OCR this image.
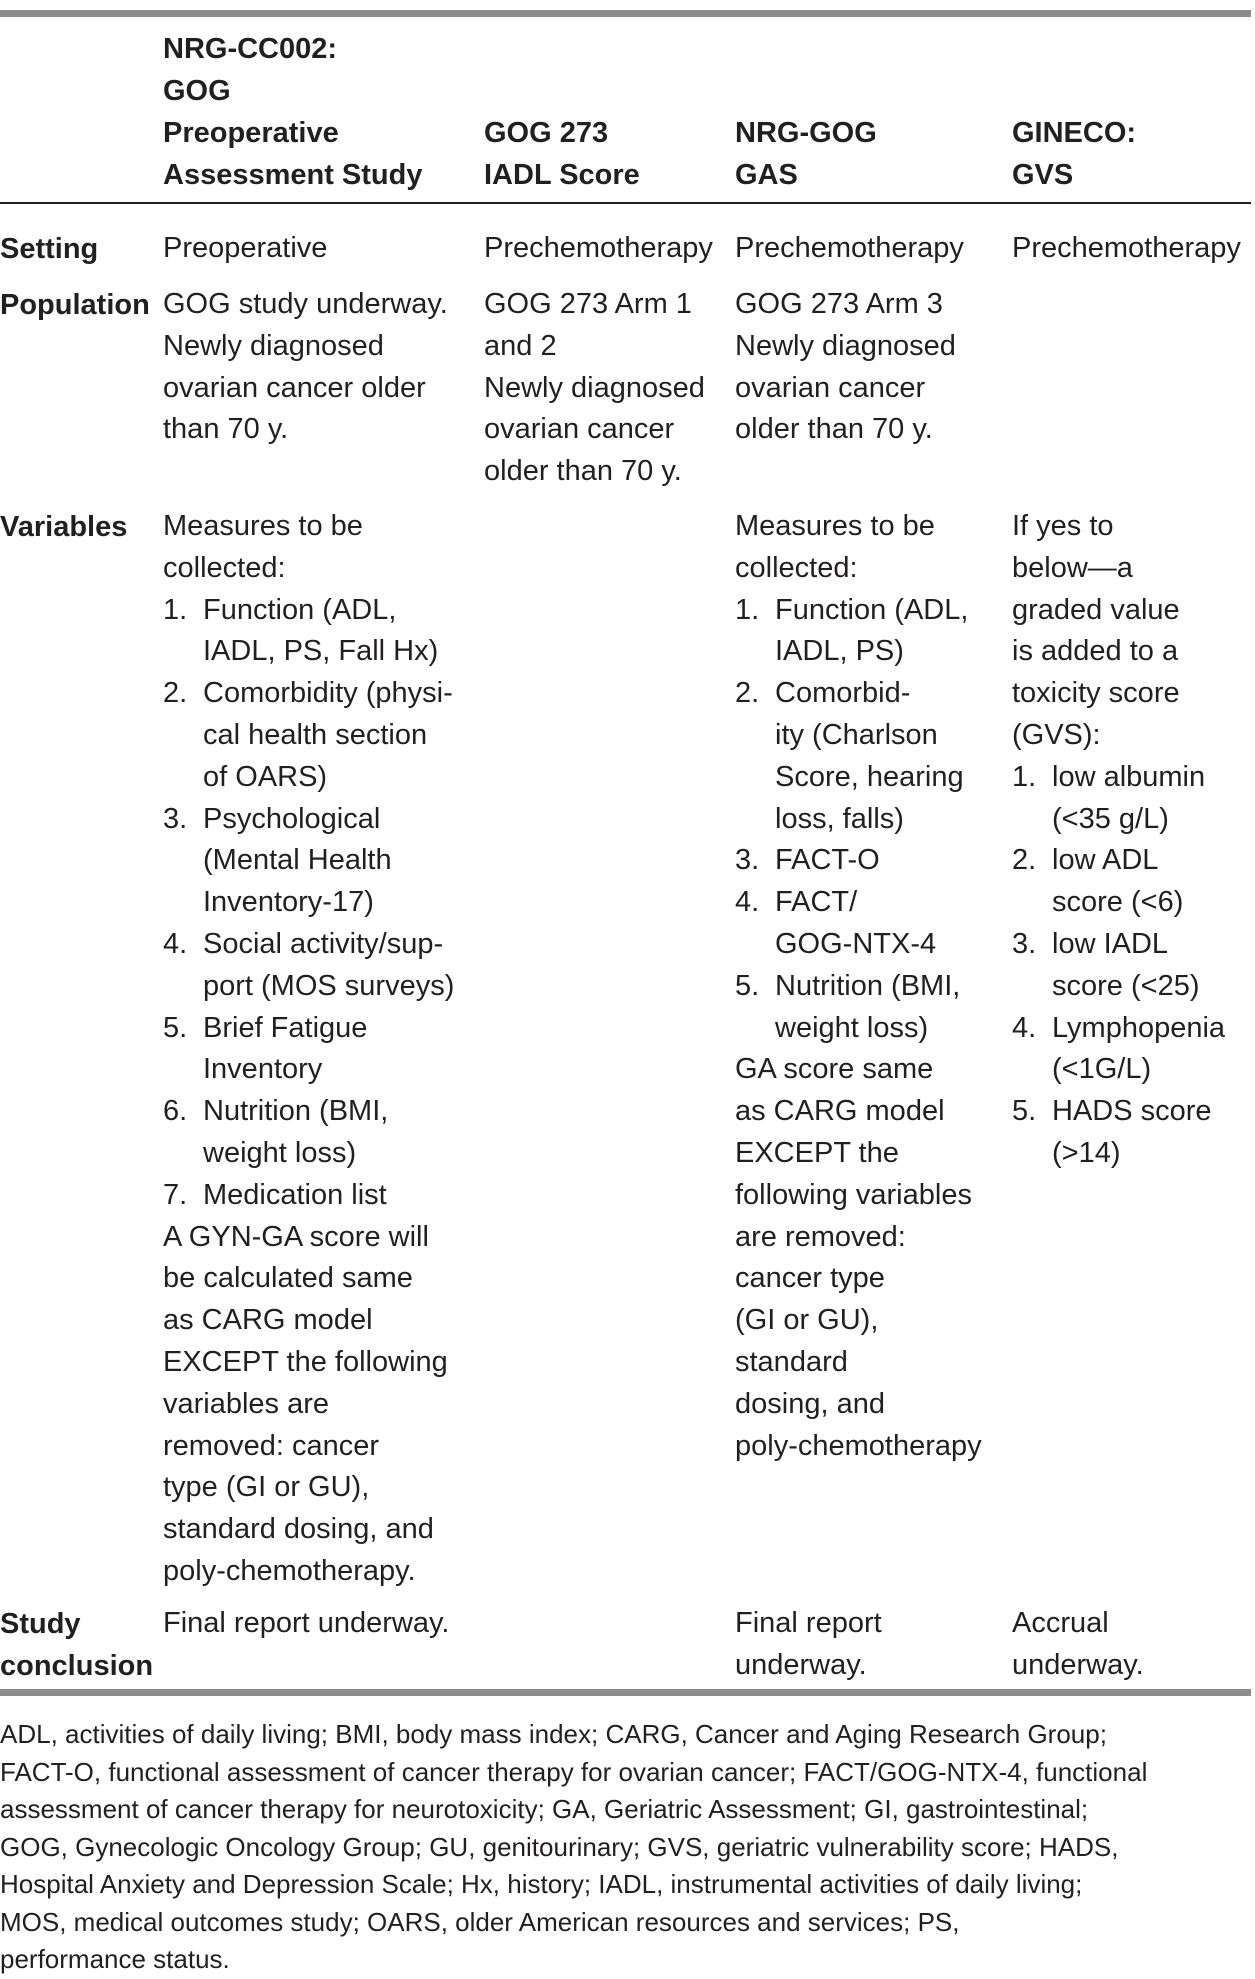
NRG-CC002:
GOG
Preoperative
Assessment Study
GOG 273
IADL Score
NRG-GOG
GAS
GINECO:
GVS
Setting Preoperative	Prechemotherapy Prechemotherapy Prechemotherapy
Population GOG study underway.
Newly diagnosed
ovarian cancer older
than 70 y.
GOG 273 Arm 1
and 2
Newly diagnosed
ovarian cancer
older than 70 y.
GOG 273 Arm 3
Newly diagnosed
ovarian cancer
older than 70 y.
Variables Measures to be
collected:
1. Function (ADL,
IADL, PS, Fall Hx)
2. Comorbidity (physi-
cal health section
of OARS)
3. Psychological
(Mental Health
Inventory-17)
4. Social activity/sup-
port (MOS surveys)
5. Brief Fatigue
Inventory
6. Nutrition (BMI,
weight loss)
7. Medication list
A GYN-GA score will
be calculated same
as CARG model
EXCEPT the following
variables are
removed: cancer
type (GI or GU),
standard dosing, and
poly-chemotherapy.
Measures to be
collected:
1. Function (ADL,
IADL, PS)
2. Comorbid-
ity (Charlson
Score, hearing
loss, falls)
3. FACT-O
4. FACT/
GOG-NTX-4
5. Nutrition (BMI,
weight loss)
GA score same
as CARG model
EXCEPT the
following variables
are removed:
cancer type
(GI or GU),
standard
dosing, and
poly-chemotherapy
If yes to
below—a
graded value
is added to a
toxicity score
(GVS):
1. low albumin
(<35 g/L)
2. low ADL
score (<6)
3. low IADL
score (<25)
4. Lymphopenia
(<1G/L)
5. HADS score
(>14)
Study
conclusion
Final report underway.	Final report
underway.
Accrual
underway.
ADL, activities of daily living; BMI, body mass index; CARG, Cancer and Aging Research Group;
FACT-O, functional assessment of cancer therapy for ovarian cancer; FACT/GOG-NTX-4, functional
assessment of cancer therapy for neurotoxicity; GA, Geriatric Assessment; GI, gastrointestinal;
GOG, Gynecologic Oncology Group; GU, genitourinary; GVS, geriatric vulnerability score; HADS,
Hospital Anxiety and Depression Scale; Hx, history; IADL, instrumental activities of daily living;
MOS, medical outcomes study; OARS, older American resources and services; PS,
performance status.
